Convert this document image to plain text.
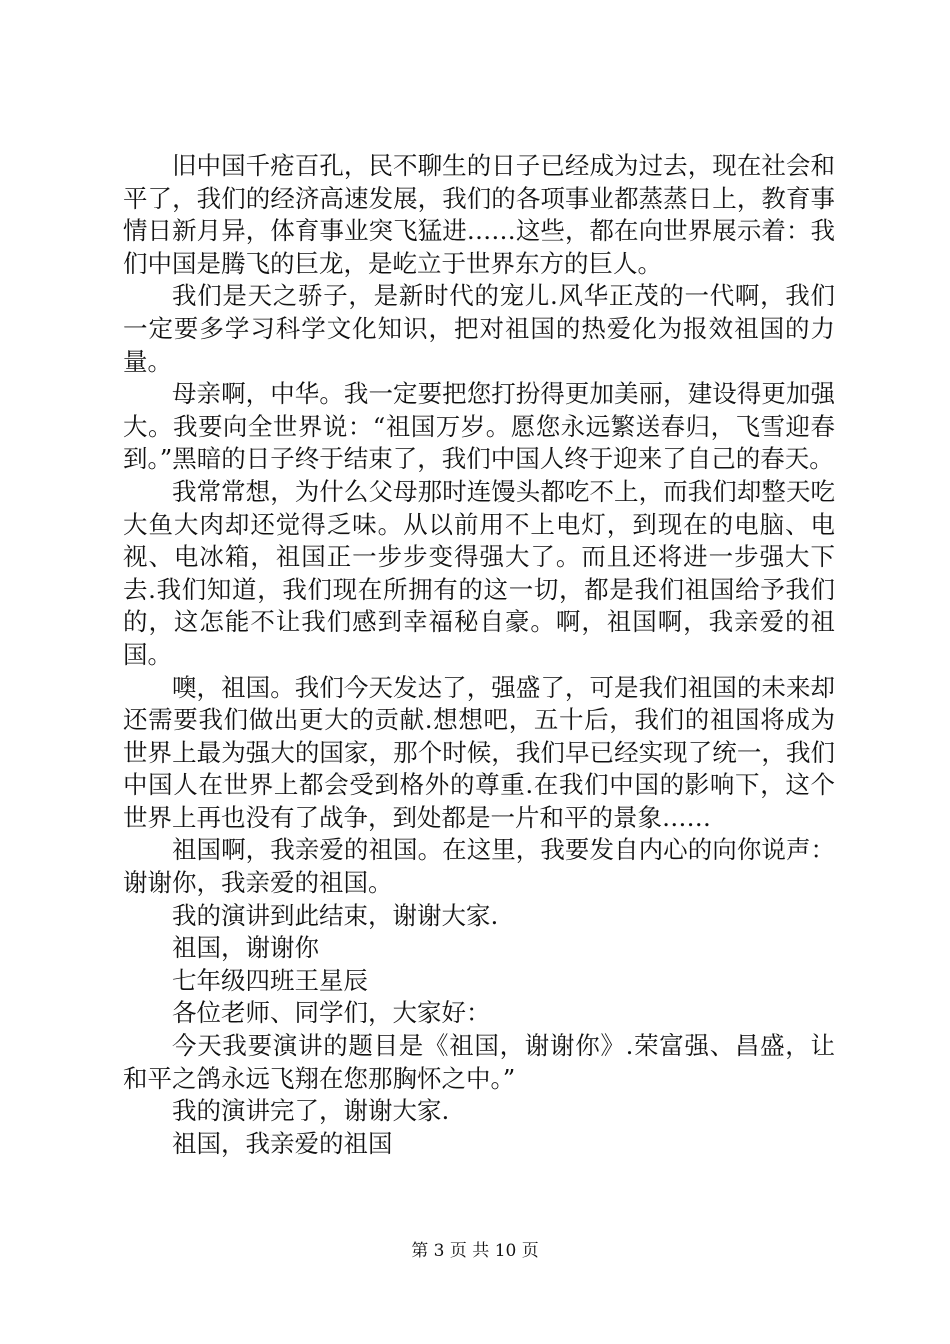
旧中国千疮百孔，民不聊生的日子已经成为过去，现在社会和平了，我们的经济高速发展，我们的各项事业都蒸蒸日上，教育事情日新月异，体育事业突飞猛进……这些，都在向世界展示着：我们中国是腾飞的巨龙，是屹立于世界东方的巨人。

我们是天之骄子，是新时代的宠儿.风华正茂的一代啊，我们一定要多学习科学文化知识，把对祖国的热爱化为报效祖国的力量。

母亲啊，中华。我一定要把您打扮得更加美丽，建设得更加强大。我要向全世界说：“祖国万岁。愿您永远繁送春归，飞雪迎春到。”黑暗的日子终于结束了，我们中国人终于迎来了自己的春天。

我常常想，为什么父母那时连馒头都吃不上，而我们却整天吃大鱼大肉却还觉得乏味。从以前用不上电灯，到现在的电脑、电视、电冰箱，祖国正一步步变得强大了。而且还将进一步强大下去.我们知道，我们现在所拥有的这一切，都是我们祖国给予我们的，这怎能不让我们感到幸福秘自豪。啊，祖国啊，我亲爱的祖国。

噢，祖国。我们今天发达了，强盛了，可是我们祖国的未来却还需要我们做出更大的贡献.想想吧，五十后，我们的祖国将成为世界上最为强大的国家，那个时候，我们早已经实现了统一，我们中国人在世界上都会受到格外的尊重.在我们中国的影响下，这个世界上再也没有了战争，到处都是一片和平的景象……

祖国啊，我亲爱的祖国。在这里，我要发自内心的向你说声：谢谢你，我亲爱的祖国。

我的演讲到此结束，谢谢大家.

祖国，谢谢你

七年级四班王星辰

各位老师、同学们，大家好：

今天我要演讲的题目是《祖国，谢谢你》.荣富强、昌盛，让和平之鸽永远飞翔在您那胸怀之中。”

我的演讲完了，谢谢大家.

祖国，我亲爱的祖国

第 3 页 共 10 页
